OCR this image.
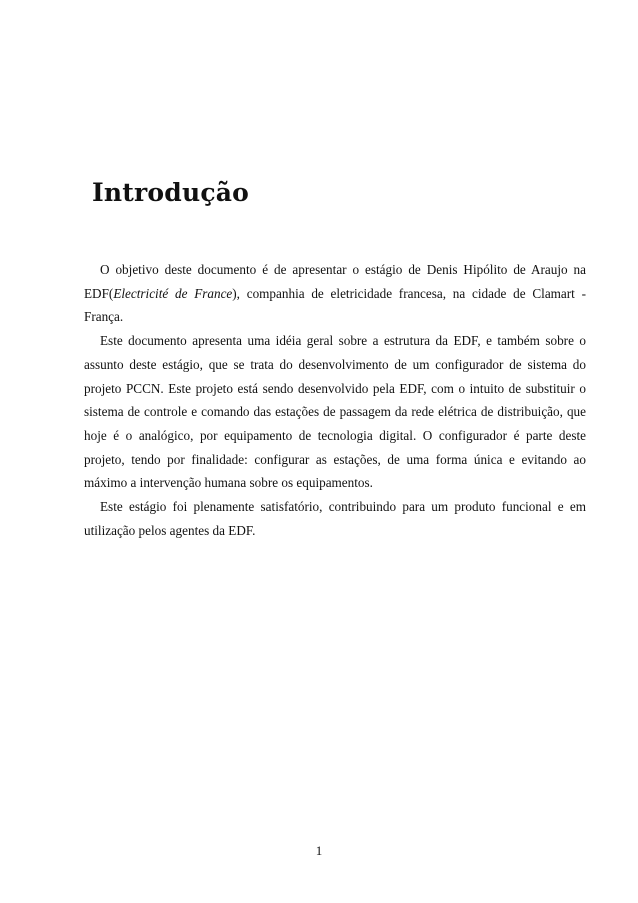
Introdução

O objetivo deste documento é de apresentar o estágio de Denis Hipólito de Araujo na EDF(Electricité de France), companhia de eletricidade francesa, na cidade de Clamart - França.

Este documento apresenta uma idéia geral sobre a estrutura da EDF, e também sobre o assunto deste estágio, que se trata do desenvolvimento de um configurador de sistema do projeto PCCN. Este projeto está sendo desenvolvido pela EDF, com o intuito de substituir o sistema de controle e comando das estações de passagem da rede elétrica de distribuição, que hoje é o analógico, por equipamento de tecnologia digital. O configurador é parte deste projeto, tendo por finalidade: configurar as estações, de uma forma única e evitando ao máximo a intervenção humana sobre os equipamentos.

Este estágio foi plenamente satisfatório, contribuindo para um produto funcional e em utilização pelos agentes da EDF.

1
